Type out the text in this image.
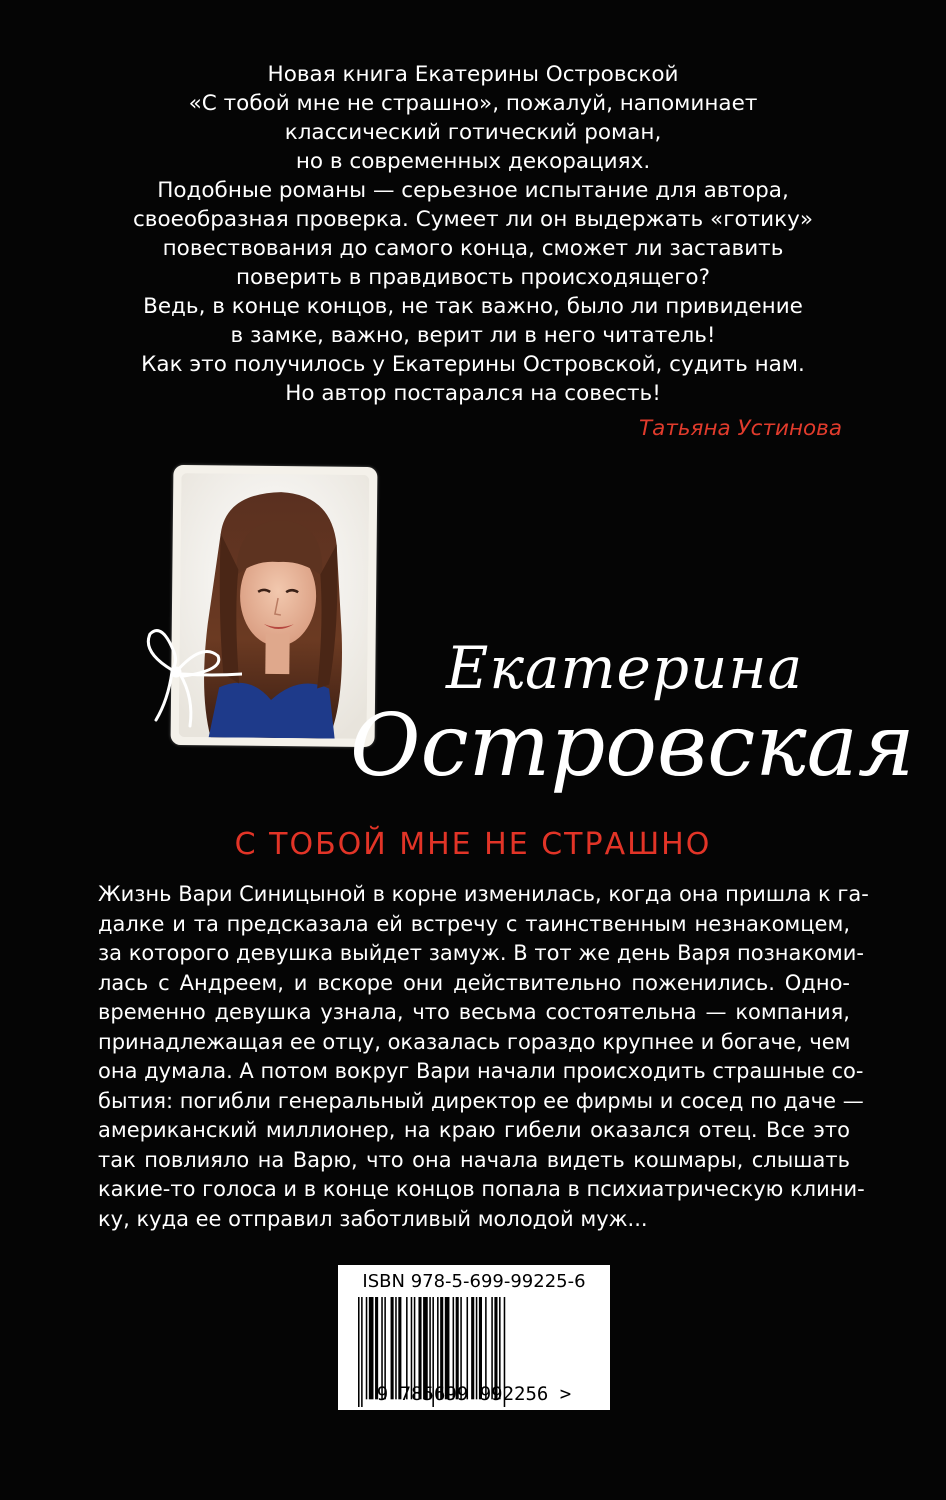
Новая книга Екатерины Островской
«С тобой мне не страшно», пожалуй, напоминает
классический готический роман,
но в современных декорациях.
Подобные романы — серьезное испытание для автора,
своеобразная проверка. Сумеет ли он выдержать «готику»
повествования до самого конца, сможет ли заставить
поверить в правдивость происходящего?
Ведь, в конце концов, не так важно, было ли привидение
в замке, важно, верит ли в него читатель!
Как это получилось у Екатерины Островской, судить нам.
Но автор постарался на совесть!
Татьяна Устинова
Екатерина
Островская
С ТОБОЙ МНЕ НЕ СТРАШНО
Жизнь Вари Синицыной в корне изменилась, когда она пришла к га-
далке и та предсказала ей встречу с таинственным незнакомцем,
за которого девушка выйдет замуж. В тот же день Варя познакоми-
лась с Андреем, и вскоре они действительно поженились. Одно-
временно девушка узнала, что весьма состоятельна — компания,
принадлежащая ее отцу, оказалась гораздо крупнее и богаче, чем
она думала. А потом вокруг Вари начали происходить страшные со-
бытия: погибли генеральный директор ее фирмы и сосед по даче —
американский миллионер, на краю гибели оказался отец. Все это
так повлияло на Варю, что она начала видеть кошмары, слышать
какие-то голоса и в конце концов попала в психиатрическую клини-
ку, куда ее отправил заботливый молодой муж...
ISBN 978-5-699-99225-6
9 785699 992256 >
